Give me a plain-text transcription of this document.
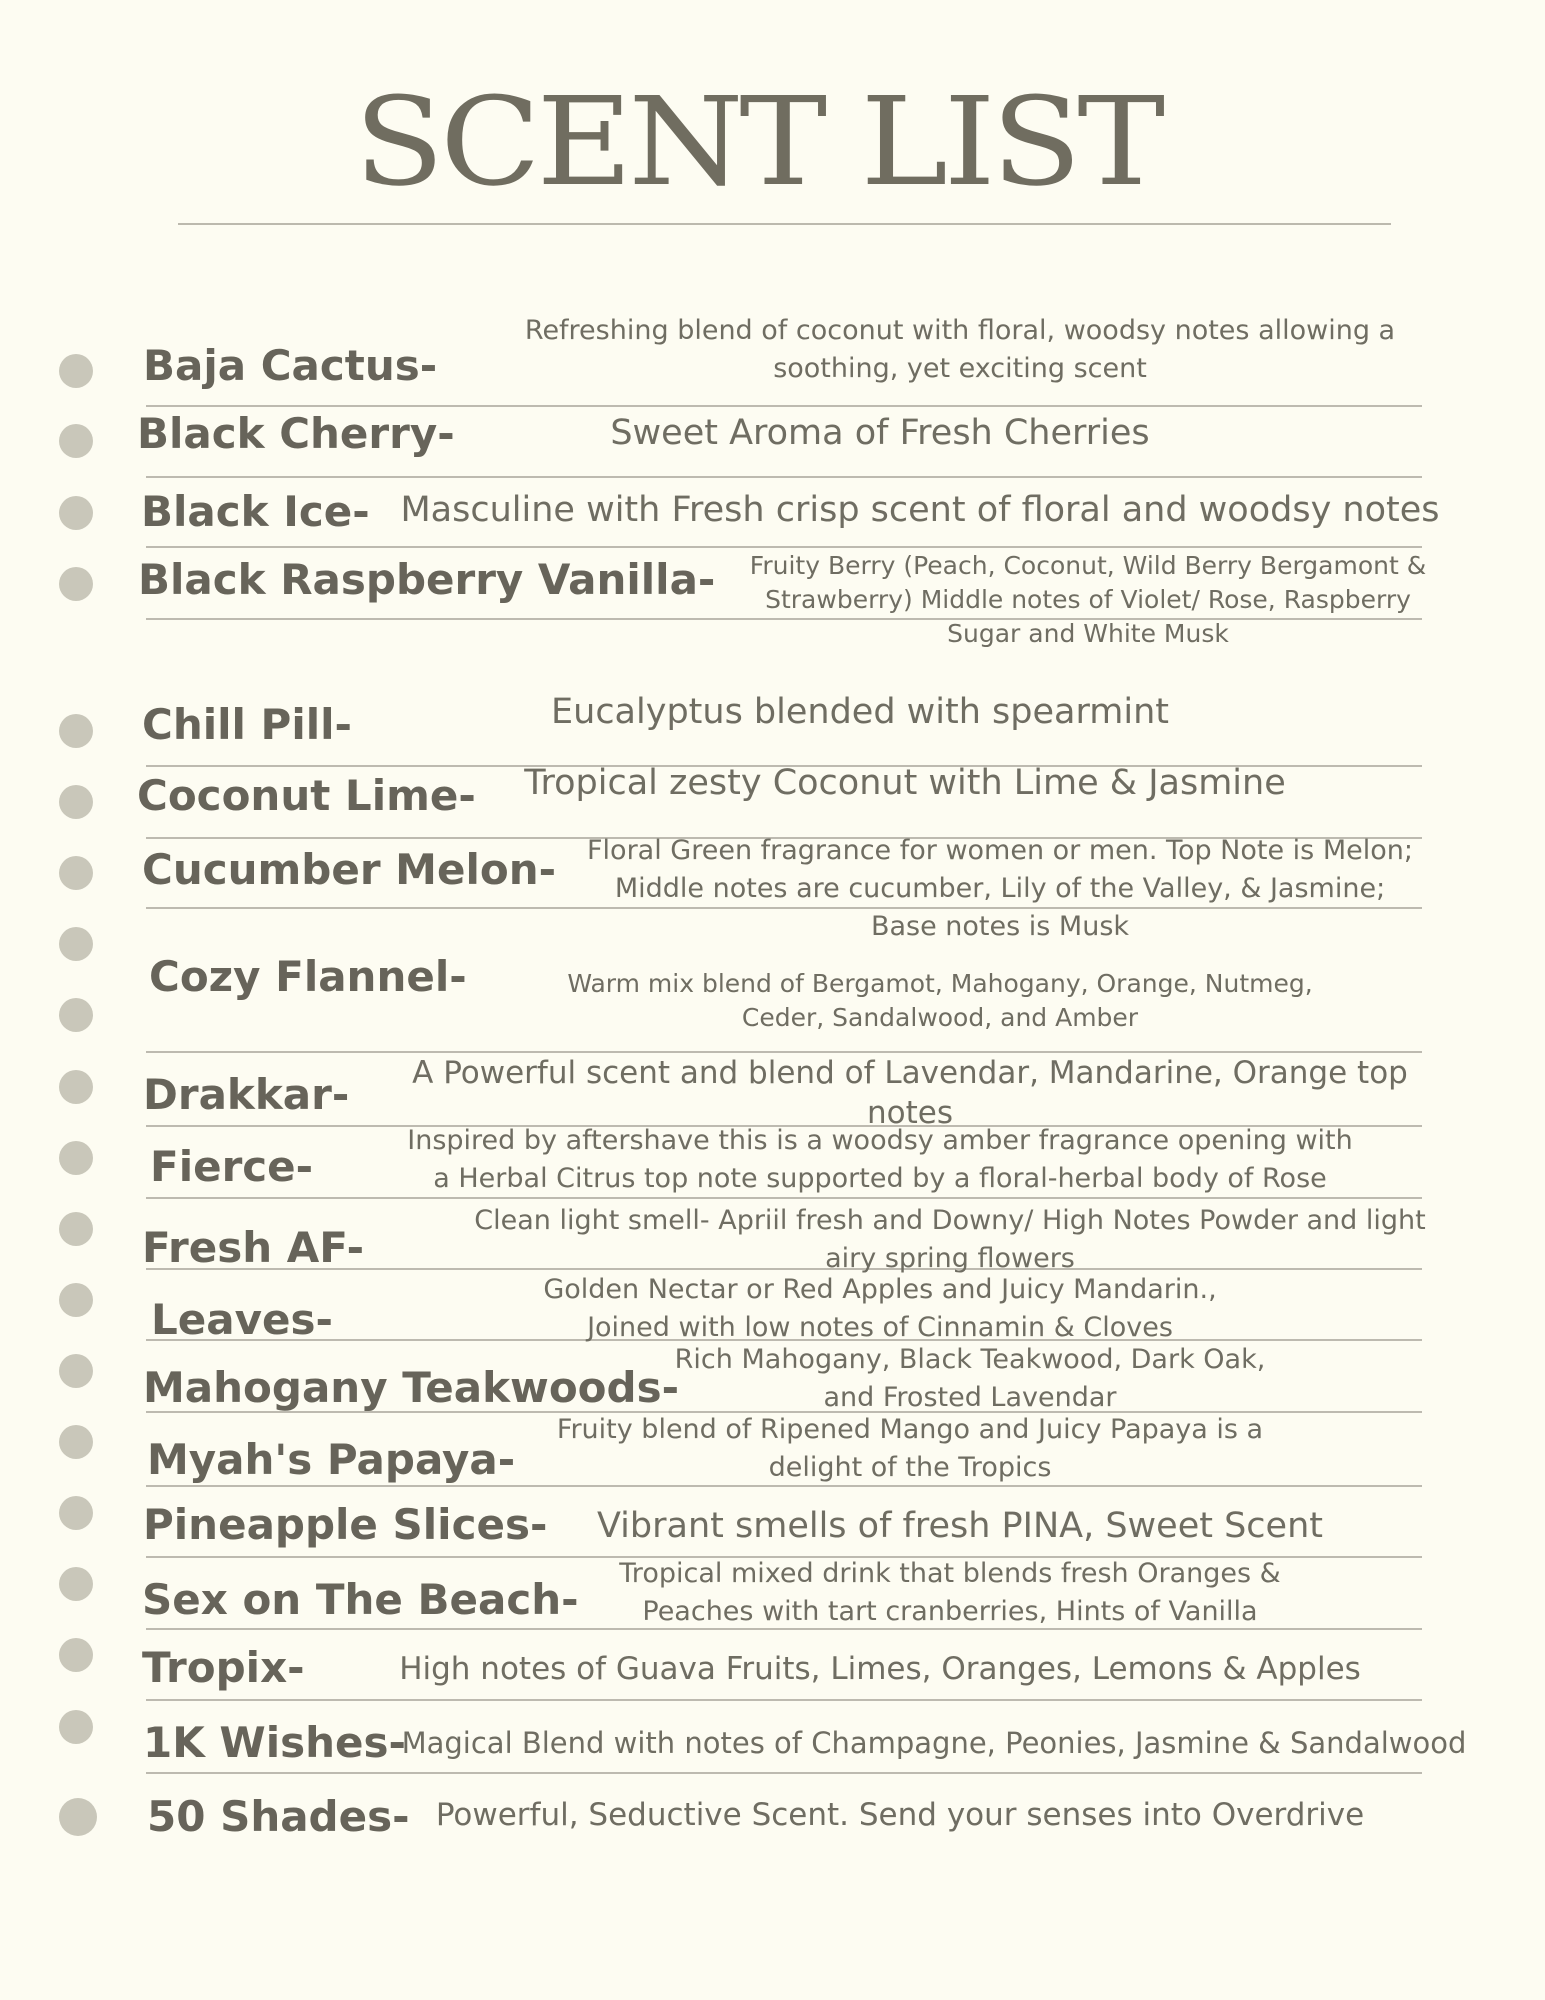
SCENT LIST
Baja Cactus-
Black Cherry-
Black Ice-
Black Raspberry Vanilla-
Chill Pill-
Coconut Lime-
Cucumber Melon-
Cozy Flannel-
Drakkar-
Fierce-
Fresh AF-
Leaves-
Mahogany Teakwoods-
Myah's Papaya-
Pineapple Slices-
Sex on The Beach-
Tropix-
1K Wishes-
50 Shades-
Refreshing blend of coconut with floral, woodsy notes allowing a soothing, yet exciting scent
Sweet Aroma of Fresh Cherries
Masculine with Fresh crisp scent of floral and woodsy notes
Fruity Berry (Peach, Coconut, Wild Berry Bergamont & Strawberry) Middle notes of Violet/ Rose, Raspberry Sugar and White Musk
Eucalyptus blended with spearmint
Tropical zesty Coconut with Lime & Jasmine
Floral Green fragrance for women or men. Top Note is Melon; Middle notes are cucumber, Lily of the Valley, & Jasmine; Base notes is Musk
Warm mix blend of Bergamot, Mahogany, Orange, Nutmeg, Ceder, Sandalwood, and Amber
A Powerful scent and blend of Lavendar, Mandarine, Orange top notes
Inspired by aftershave this is a woodsy amber fragrance opening with a Herbal Citrus top note supported by a floral-herbal body of Rose
Clean light smell- Apriil fresh and Downy/ High Notes Powder and light airy spring flowers
Golden Nectar or Red Apples and Juicy Mandarin., Joined with low notes of Cinnamin & Cloves
Rich Mahogany, Black Teakwood, Dark Oak, and Frosted Lavendar
Fruity blend of Ripened Mango and Juicy Papaya is a delight of the Tropics
Vibrant smells of fresh PINA, Sweet Scent
Tropical mixed drink that blends fresh Oranges & Peaches with tart cranberries, Hints of Vanilla
High notes of Guava Fruits, Limes, Oranges, Lemons & Apples
Magical Blend with notes of Champagne, Peonies, Jasmine & Sandalwood
Powerful, Seductive Scent. Send your senses into Overdrive
